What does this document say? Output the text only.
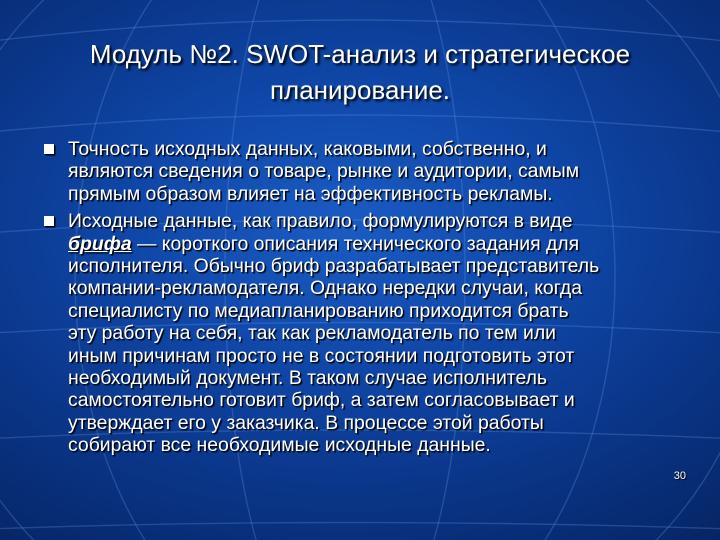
Модуль №2. SWOT-анализ и стратегическое
планирование.
Точность исходных данных, каковыми, собственно, и
являются сведения о товаре, рынке и аудитории, самым
прямым образом влияет на эффективность рекламы.
Исходные данные, как правило, формулируются в виде
брифа — короткого описания технического задания для
исполнителя. Обычно бриф разрабатывает представитель
компании-рекламодателя. Однако нередки случаи, когда
специалисту по медиапланированию приходится брать
эту работу на себя, так как рекламодатель по тем или
иным причинам просто не в состоянии подготовить этот
необходимый документ. В таком случае исполнитель
самостоятельно готовит бриф, а затем согласовывает и
утверждает его у заказчика. В процессе этой работы
собирают все необходимые исходные данные.
30
